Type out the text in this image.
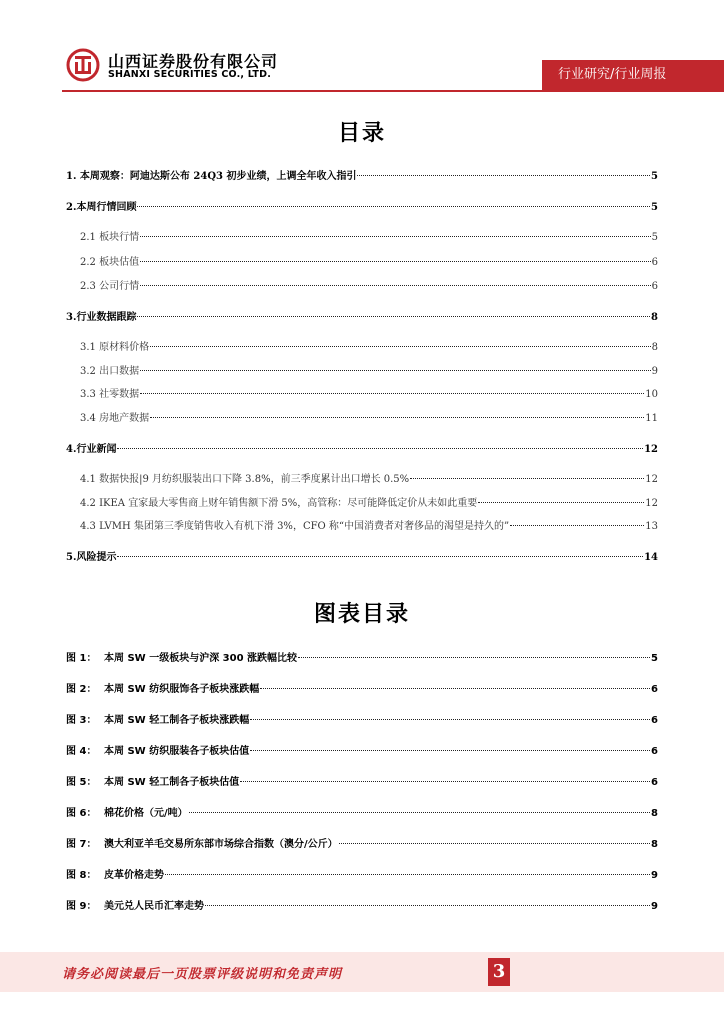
山西证券股份有限公司
SHANXI SECURITIES CO., LTD.	行业研究/行业周报
目录
1. 本周观察：阿迪达斯公布 24Q3 初步业绩，上调全年收入指引	5
2.本周行情回顾	5
2.1 板块行情	5
2.2 板块估值	6
2.3 公司行情	6
3.行业数据跟踪	8
3.1 原材料价格	8
3.2 出口数据	9
3.3 社零数据	10
3.4 房地产数据	11
4.行业新闻	12
4.1 数据快报|9 月纺织服装出口下降 3.8%，前三季度累计出口增长 0.5%	12
4.2 IKEA 宜家最大零售商上财年销售额下滑 5%，高管称：尽可能降低定价从未如此重要	12
4.3 LVMH 集团第三季度销售收入有机下滑 3%，CFO 称“中国消费者对奢侈品的渴望是持久的”	13
5.风险提示	14
图表目录
图 1： 本周 SW 一级板块与沪深 300 涨跌幅比较	5
图 2： 本周 SW 纺织服饰各子板块涨跌幅	6
图 3： 本周 SW 轻工制各子板块涨跌幅	6
图 4： 本周 SW 纺织服装各子板块估值	6
图 5： 本周 SW 轻工制各子板块估值	6
图 6： 棉花价格（元/吨）	8
图 7： 澳大利亚羊毛交易所东部市场综合指数（澳分/公斤）	8
图 8： 皮革价格走势	9
图 9： 美元兑人民币汇率走势	9
请务必阅读最后一页股票评级说明和免责声明	3
